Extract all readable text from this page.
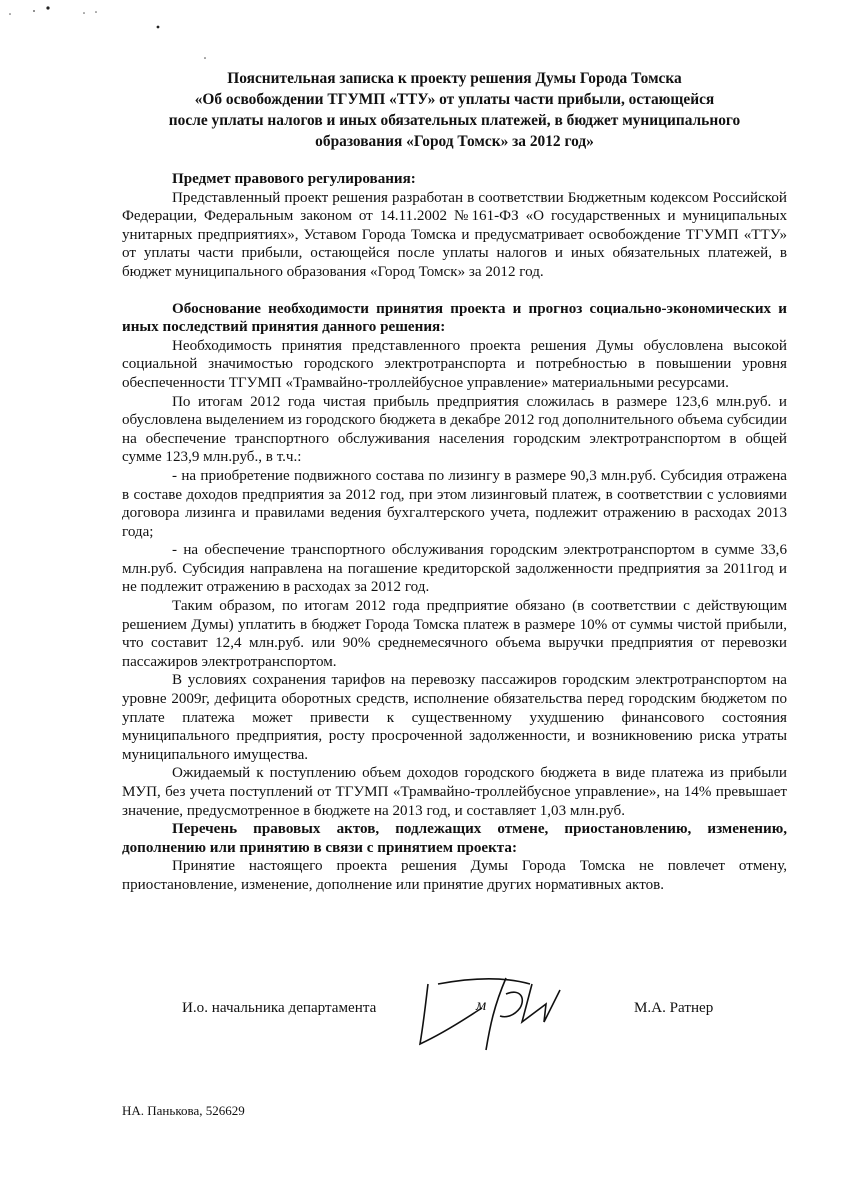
Пояснительная записка к проекту решения Думы Города Томска
«Об освобождении ТГУМП «ТТУ» от уплаты части прибыли, остающейся
после уплаты налогов и иных обязательных платежей, в бюджет муниципального
образования «Город Томск» за 2012 год»

Предмет правового регулирования:

Представленный проект решения разработан в соответствии Бюджетным кодексом Российской Федерации, Федеральным законом от 14.11.2002 №161-ФЗ «О государственных и муниципальных унитарных предприятиях», Уставом Города Томска и предусматривает освобождение ТГУМП «ТТУ» от уплаты части прибыли, остающейся после уплаты налогов и иных обязательных платежей, в бюджет муниципального образования «Город Томск» за 2012 год.

Обоснование необходимости принятия проекта и прогноз социально-экономических и иных последствий принятия данного решения:

Необходимость принятия представленного проекта решения Думы обусловлена высокой социальной значимостью городского электротранспорта и потребностью в повышении уровня обеспеченности ТГУМП «Трамвайно-троллейбусное управление» материальными ресурсами.

По итогам 2012 года чистая прибыль предприятия сложилась в размере 123,6 млн.руб. и обусловлена выделением из городского бюджета в декабре 2012 год дополнительного объема субсидии на обеспечение транспортного обслуживания населения городским электротранспортом в общей сумме 123,9 млн.руб., в т.ч.:

- на приобретение подвижного состава по лизингу в размере 90,3 млн.руб. Субсидия отражена в составе доходов предприятия за 2012 год, при этом лизинговый платеж, в соответствии с условиями договора лизинга и правилами ведения бухгалтерского учета, подлежит отражению в расходах 2013 года;

- на обеспечение транспортного обслуживания городским электротранспортом в сумме 33,6 млн.руб. Субсидия направлена на погашение кредиторской задолженности предприятия за 2011год и не подлежит отражению в расходах за 2012 год.

Таким образом, по итогам 2012 года предприятие обязано (в соответствии с действующим решением Думы) уплатить в бюджет Города Томска платеж в размере 10% от суммы чистой прибыли, что составит 12,4 млн.руб. или 90% среднемесячного объема выручки предприятия от перевозки пассажиров электротранспортом.

В условиях сохранения тарифов на перевозку пассажиров городским электротранспортом на уровне 2009г, дефицита оборотных средств, исполнение обязательства перед городским бюджетом по уплате платежа может привести к существенному ухудшению финансового состояния муниципального предприятия, росту просроченной задолженности, и возникновению риска утраты муниципального имущества.

Ожидаемый к поступлению объем доходов городского бюджета в виде платежа из прибыли МУП, без учета поступлений от ТГУМП «Трамвайно-троллейбусное управление», на 14% превышает значение, предусмотренное в бюджете на 2013 год, и составляет 1,03 млн.руб.

Перечень правовых актов, подлежащих отмене, приостановлению, изменению, дополнению или принятию в связи с принятием проекта:

Принятие настоящего проекта решения Думы Города Томска не повлечет отмену, приостановление, изменение, дополнение или принятие других нормативных актов.

И.о. начальника департамента	м	М.А. Ратнер
НА. Панькова, 526629
